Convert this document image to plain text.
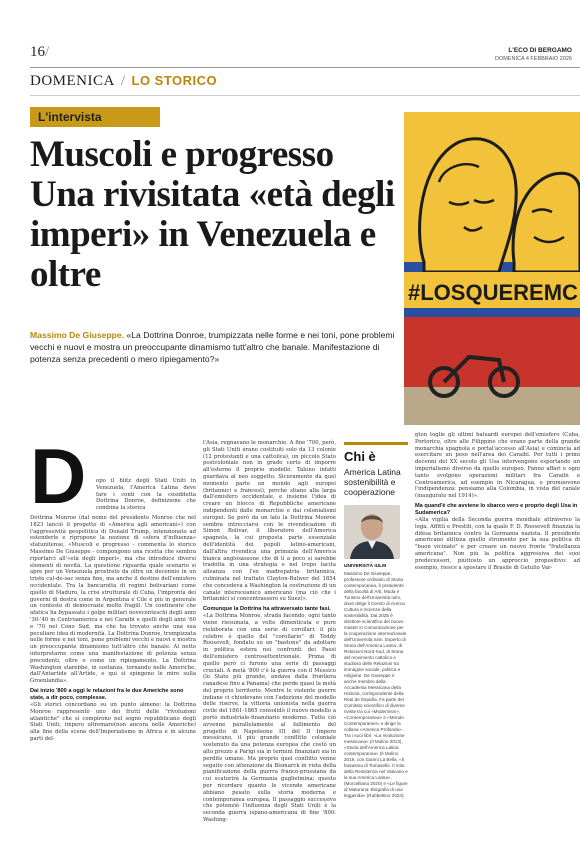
16/	L'ECO DI BERGAMO
DOMENICA 4 FEBBRAIO 2026
DOMENICA / LO STORICO
L'intervista
Muscoli e progresso Una rivisitata «età degli imperi» in Venezuela e oltre

Massimo De Giuseppe. «La Dottrina Donroe, trumpizzata nelle forme e nei toni, pone problemi vecchi e nuovi e mostra un preoccupante dinamismo tutt'altro che banale. Manifestazione di potenza senza precedenti o mero ripiegamento?»

#LOSQUEREMC
D	opo il blitz degli Stati Uniti in Venezuela, l'America Latina deve fare i conti con la cosiddetta Dottrina Donroe, definizione che combina la storica

Dottrina Monroe (dal nome del presidente Monroe che nel 1823 lanciò il progetto di «America agli americani») con l'aggressività geopolitica di Donald Trump, intenzionato ad estenderle e ripropone la nozione di «sfera d'influenza» statunitense, «Muscoli e progresso - commenta lo storico Massimo De Giuseppe - compongono una ricetta che sembra riportarci all'«età degli imperi», ma che introduce diversi elementi di novità. La questione riguarda quale scenario si apre per un Venezuela prostrato da oltre un decennio in un triste cul-de-sac senza fine, ma anche il destino dell'emisfero occidentale. Tra la bancarotta di regimi bolivariani come quello di Maduro, la crisi strutturale di Cuba, l'impronta dei governi di destra come in Argentina e Cile e più in generale un contesto di democrazie molto fragili. Un continente che afatica ha bypassato i golpe militari novecenteschi degli anni '30-'40 in Centroamerica e nei Caraibi e quelli degli anni '60 e '70 nel Cono Sud, ma che ha trovato anche una sua peculiare idea di modernità. La Dottrina Donroe, trumpizzata nelle forme e nei toni, pone problemi vecchi e nuovi e mostra un preoccupante dinamismo tutt'altro che banale. Al netto interpretarne come una manifestazione di potenza senza precedenti, oltre o come un ripiegamento. La Dottrina Washington starebbe, in sostanza, tornando nelle Americhe, dall'Antartide all'Artide, e qui si spingono le mire sulla Groenlandia».

Dai inizio '800 a oggi le relazioni fra le due Americhe sono state, a dir poco, complesse.

«Gli storici concordano su un punto almeno: la Dottrina Monroe rappresentò uno dei frutti delle "rivoluzioni atlantiche" che si compirono nel sogno repubblicano degli Stati Uniti, impero oltremare(non ancora nelle Americhe) alla fine della scena dell'Imperialismo in Africa e in alcune parti del-

l'Asia, regnavano le monarchie. A fine '700, però, gli Stati Uniti erano costituiti solo da 13 colonie (12 protestanti e una cattolica), un piccolo Stato postcoloniale non in grado certo di imporre all'esterno il proprio modello. Taluno infatti guardava al neo soggetto. Sicuramente da quel momento parte un mondo agli europei (britannici e francesi), perché stiano alla larga dall'emisfero occidentale, e insieme l'idea di creare un blocco di Repubbliche americane indipendenti dalle monarchie e dai colonialismi europei. Se però da un lato la Dottrina Monroe sembra intrecciarsi con le rivendicazioni di Simon Bolivar, il liberatore dell'America spagnola, la cui proposta parte essenziale dell'identità dei popoli latino-americani, dall'altra rivendica una primazia dell'America bianca anglosassone che di lì a poco si sarebbe tradotta in una strategia e nel tropo tacita alleanza con l'ex madrepatria britannica, culminata nel trattato Clayton-Bulwer del 1854 che concedeva a Washington la costruzione di un canale interoceanico americano (ma ciò che i britannici si concentrassero su Suez)».

Comunque la Dottrina ha attraversato tante fasi.

«La Dottrina Monroe, strada facendo, ogni tanto viene riesumata, a volte dimenticata e pure rielaborata con una serie di corollari: il più celebre è quello del "corollario" di Teddy Roosevelt, fondato su un "bastone" da adottare in politica estera nei confronti dei Paesi dell'emisfero centrosettentrionale. Prima di quello però ci furono una serie di passaggi cruciali. A metà '800 c'è la guerra con il Messico (lo Stato più grande, andava dalla frontiera canadese fino a Panama) che perde quasi la metà del proprio territorio. Mentre le violente guerre indiane ci chiudevano con l'adozione del modello delle riserve, la vittoria unionista nella guerra civile del 1861-1865 consolidò il nuovo modello a porto industriale-finanziario moderno. Tutto ciò avvenne parallelamente al fallimento del progetto di Napoleone III del II Impero messicano, il più grande conflitto coloniale sostenuto da una potenza europea che costò un alto prezzo a Parigi sia in termini finanziari sia in perdite umane. Ma proprio quel conflitto venne seguito con attenzione da Bismarck in vista della pianificazione della guerra franco-prussiana da cui scaturirà la Germania guglielmina; questo per ricordare quanto le vicende americane abbiano pesato sulla storia moderna e contemporanea europea. Il passaggio successivo che potenziò l'influenza degli Stati Uniti è la seconda guerra ispano-americana di fine '800: Washing-

Chi è
America Latina sostenibilità e cooperazione
UNIVERSITÀ IULM
Massimo De Giuseppe, professore ordinario di Storia contemporanea, è presidente della facoltà di Arti, Moda e Turismo dell'Università Iulm, dove dirige il Centro di ricerca Cultura e Scienze della sostenibilità. Dal 2025 è direttore scientifico del nuovo master in Comunicazione per la cooperazione internazionale dell'Università Iulm. Esperto di Storia dell'America Latina, di Relazioni Nord-Sud, di Storia del movimento cattolico e studioso delle Relazioni tra immagine sociale, politica e religione. De Giuseppe è anche membro della Accademia Messicana della Historia, corrispondente della Real de España. Fa parte del Comitato scientifico di diverse riviste tra cui «Modernism», «Contemporanea» e «Mondo Contemporaneo» e dirige la collana «America Profonda». Tra i suoi libri: «La rivoluzione messicana» (Il Mulino 2013), «Storia dell'America Latina contemporanea» (Il Mulino 2019, con Gianni La Bella, «Il fantasma di Tomasello. Il mito della Resistenza nel Vaticano e la sua America Latina», (Morcelliana 2020) e «Le figure di Maturana: Biografia di una leggenda» (Rubbettino 2024).

gton toglie gli ultimi baluardi europei dell'emisfero (Cuba, Portorico, oltre alle Filippine che erano parte della grande monarchia spagnola e portal'accesso all'Asia) e comincia ad esercitare un peso nell'area dei Caraibi. Per tutti i primi decenni del XX secolo gli Usa intervengono esportando un imperialismo diverso da quello europeo. Fanno affari e ogni tanto svolgono operazioni militari fra Caraibi e Centroamerica, ad esempio in Nicaragua, o promuovono l'indipendenza: pensiamo alla Colombia, in vista del canale (inaugurato nel 1914)».

Ma quand'è che avviene lo sbarco vero e proprio degli Usa in Sudamerica?

«Alla vigilia della Seconda guerra mondiale attraverso la lega. Affitti e Prestiti, con la quale F. D. Roosevelt finanzia la difesa britannica contro la Germania nazista. Il presidente americano utilizza quello strumento per la sua politica di "buon vicinato" e per creare un nuovo fronte "fratellanza americana". Non più la politica aggressiva dei suoi predecessori, piuttosto un approccio propositivo: ad esempio, riesce a spostare il Brasile di Getulio Var-
